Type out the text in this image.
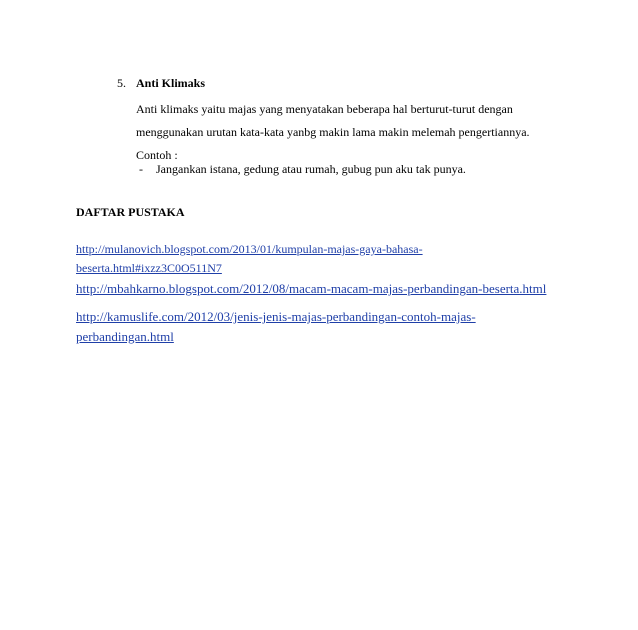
5. Anti Klimaks
Anti klimaks yaitu majas yang menyatakan beberapa hal berturut-turut dengan
menggunakan urutan kata-kata yanbg makin lama makin melemah pengertiannya.
Contoh :
- Jangankan istana, gedung atau rumah, gubug pun aku tak punya.
DAFTAR PUSTAKA
http://mulanovich.blogspot.com/2013/01/kumpulan-majas-gaya-bahasa-
beserta.html#ixzz3C0O511N7
http://mbahkarno.blogspot.com/2012/08/macam-macam-majas-perbandingan-beserta.html
http://kamuslife.com/2012/03/jenis-jenis-majas-perbandingan-contoh-majas-
perbandingan.html
